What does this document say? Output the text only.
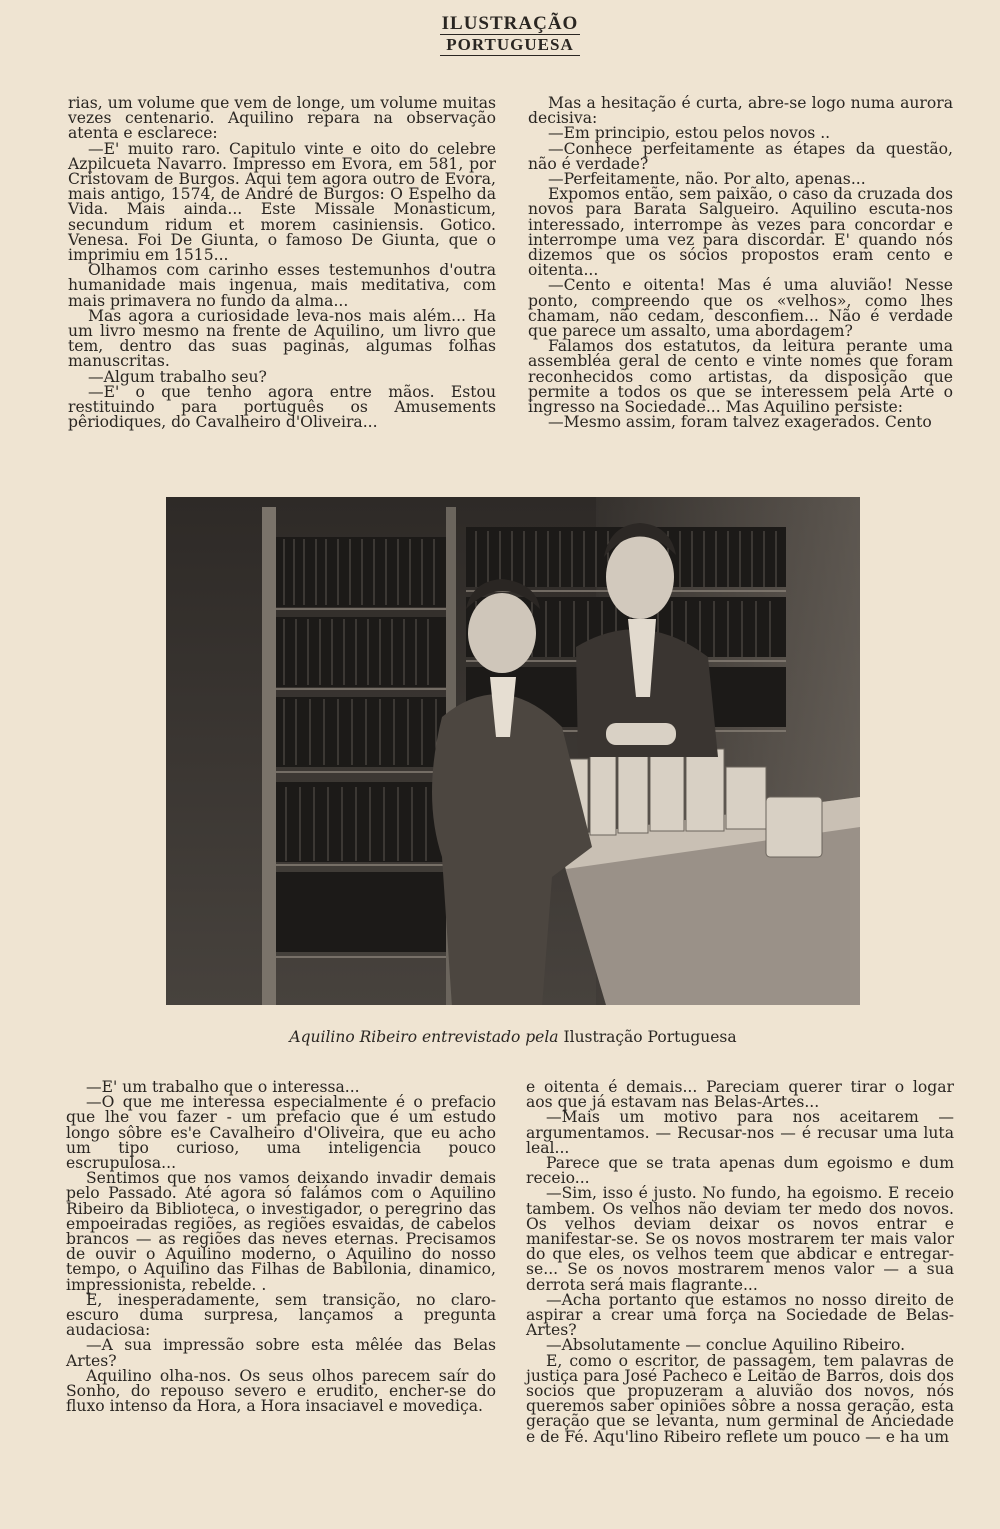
ILUSTRAÇÃO
PORTUGUESA

rias, um volume que vem de longe, um volume muitas vezes centenario. Aquilino repara na observação atenta e esclarece:

—E' muito raro. Capitulo vinte e oito do celebre Azpilcueta Navarro. Impresso em Evora, em 581, por Cristovam de Burgos. Aqui tem agora outro de Evora, mais antigo, 1574, de André de Burgos: O Espelho da Vida. Mais ainda... Este Missale Monasticum, secundum ridum et morem casiniensis. Gotico. Venesa. Foi De Giunta, o famoso De Giunta, que o imprimiu em 1515...

Olhamos com carinho esses testemunhos d'outra humanidade mais ingenua, mais meditativa, com mais primavera no fundo da alma...

Mas agora a curiosidade leva-nos mais além... Ha um livro mesmo na frente de Aquilino, um livro que tem, dentro das suas paginas, algumas folhas manuscritas.

—Algum trabalho seu?

—E' o que tenho agora entre mãos. Estou restituindo para português os Amusements pêriodiques, do Cavalheiro d'Oliveira...

Mas a hesitação é curta, abre-se logo numa aurora decisiva:

—Em principio, estou pelos novos ..

—Conhece perfeitamente as étapes da questão, não é verdade?

—Perfeitamente, não. Por alto, apenas...

Expomos então, sem paixão, o caso da cruzada dos novos para Barata Salgueiro. Aquilino escuta-nos interessado, interrompe às vezes para concordar e interrompe uma vez para discordar. E' quando nós dizemos que os sócios propostos eram cento e oitenta...

—Cento e oitenta! Mas é uma aluvião! Nesse ponto, compreendo que os «velhos», como lhes chamam, não cedam, desconfiem... Não é verdade que parece um assalto, uma abordagem?

Falamos dos estatutos, da leitura perante uma assembléa geral de cento e vinte nomes que foram reconhecidos como artistas, da disposição que permite a todos os que se interessem pela Arte o ingresso na Sociedade... Mas Aquilino persiste:

—Mesmo assim, foram talvez exagerados. Cento

Aquilino Ribeiro entrevistado pela Ilustração Portuguesa

—E' um trabalho que o interessa...

—O que me interessa especialmente é o prefacio que lhe vou fazer - um prefacio que é um estudo longo sôbre es'e Cavalheiro d'Oliveira, que eu acho um tipo curioso, uma inteligencia pouco escrupulosa...

Sentimos que nos vamos deixando invadir demais pelo Passado. Até agora só falámos com o Aquilino Ribeiro da Biblioteca, o investigador, o peregrino das empoeiradas regiões, as regiões esvaidas, de cabelos brancos — as regiões das neves eternas. Precisamos de ouvir o Aquilino moderno, o Aquilino do nosso tempo, o Aquilino das Filhas de Babilonia, dinamico, impressionista, rebelde. .

E, inesperadamente, sem transição, no claro-escuro duma surpresa, lançamos a pregunta audaciosa:

—A sua impressão sobre esta mêlée das Belas Artes?

Aquilino olha-nos. Os seus olhos parecem saír do Sonho, do repouso severo e erudito, encher-se do fluxo intenso da Hora, a Hora insaciavel e movediça.

e oitenta é demais... Pareciam querer tirar o logar aos que já estavam nas Belas-Artes...

—Mais um motivo para nos aceitarem — argumentamos. — Recusar-nos — é recusar uma luta leal...

Parece que se trata apenas dum egoismo e dum receio...

—Sim, isso é justo. No fundo, ha egoismo. E receio tambem. Os velhos não deviam ter medo dos novos. Os velhos deviam deixar os novos entrar e manifestar-se. Se os novos mostrarem ter mais valor do que eles, os velhos teem que abdicar e entregar-se... Se os novos mostrarem menos valor — a sua derrota será mais flagrante...

—Acha portanto que estamos no nosso direito de aspirar a crear uma força na Sociedade de Belas-Artes?

—Absolutamente — conclue Aquilino Ribeiro.

E, como o escritor, de passagem, tem palavras de justiça para José Pacheco e Leitão de Barros, dois dos socios que propuzeram a aluvião dos novos, nós queremos saber opiniões sôbre a nossa geração, esta geração que se levanta, num germinal de Anciedade e de Fé. Aqu'lino Ribeiro reflete um pouco — e ha um
